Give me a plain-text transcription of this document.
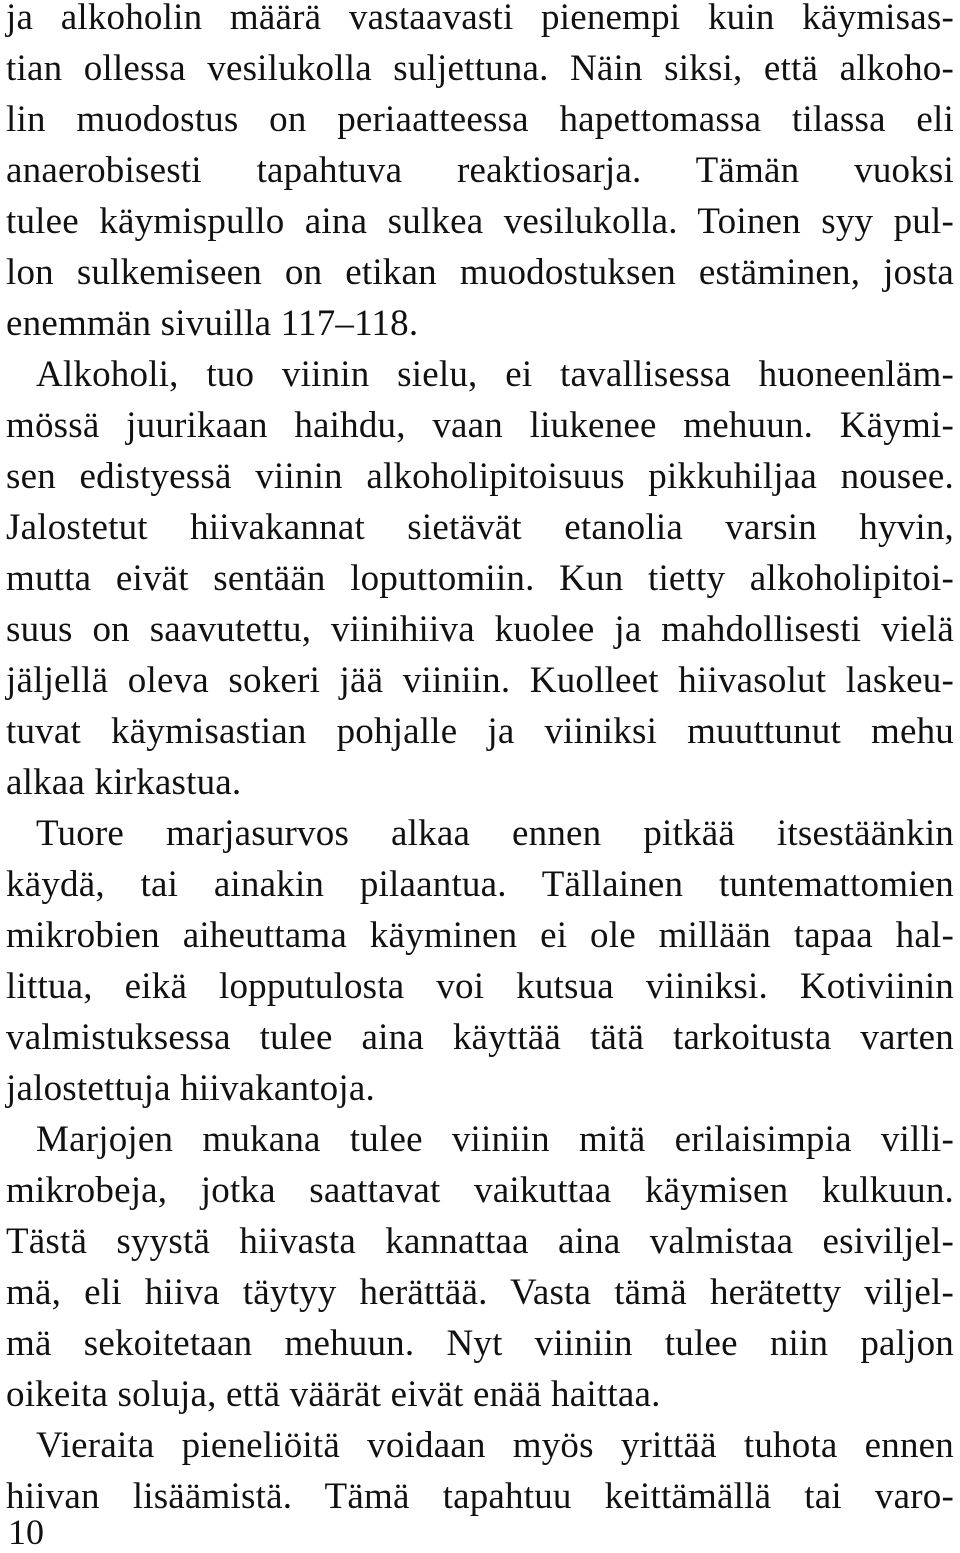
ja alkoholin määrä vastaavasti pienempi kuin käymisas-
tian ollessa vesilukolla suljettuna. Näin siksi, että alkoho-
lin muodostus on periaatteessa hapettomassa tilassa eli
anaerobisesti tapahtuva reaktiosarja. Tämän vuoksi
tulee käymispullo aina sulkea vesilukolla. Toinen syy pul-
lon sulkemiseen on etikan muodostuksen estäminen, josta
enemmän sivuilla 117–118.
Alkoholi, tuo viinin sielu, ei tavallisessa huoneenläm-
mössä juurikaan haihdu, vaan liukenee mehuun. Käymi-
sen edistyessä viinin alkoholipitoisuus pikkuhiljaa nousee.
Jalostetut hiivakannat sietävät etanolia varsin hyvin,
mutta eivät sentään loputtomiin. Kun tietty alkoholipitoi-
suus on saavutettu, viinihiiva kuolee ja mahdollisesti vielä
jäljellä oleva sokeri jää viiniin. Kuolleet hiivasolut laskeu-
tuvat käymisastian pohjalle ja viiniksi muuttunut mehu
alkaa kirkastua.
Tuore marjasurvos alkaa ennen pitkää itsestäänkin
käydä, tai ainakin pilaantua. Tällainen tuntemattomien
mikrobien aiheuttama käyminen ei ole millään tapaa hal-
littua, eikä lopputulosta voi kutsua viiniksi. Kotiviinin
valmistuksessa tulee aina käyttää tätä tarkoitusta varten
jalostettuja hiivakantoja.
Marjojen mukana tulee viiniin mitä erilaisimpia villi-
mikrobeja, jotka saattavat vaikuttaa käymisen kulkuun.
Tästä syystä hiivasta kannattaa aina valmistaa esiviljel-
mä, eli hiiva täytyy herättää. Vasta tämä herätetty viljel-
mä sekoitetaan mehuun. Nyt viiniin tulee niin paljon
oikeita soluja, että väärät eivät enää haittaa.
Vieraita pieneliöitä voidaan myös yrittää tuhota ennen
hiivan lisäämistä. Tämä tapahtuu keittämällä tai varo-
10
